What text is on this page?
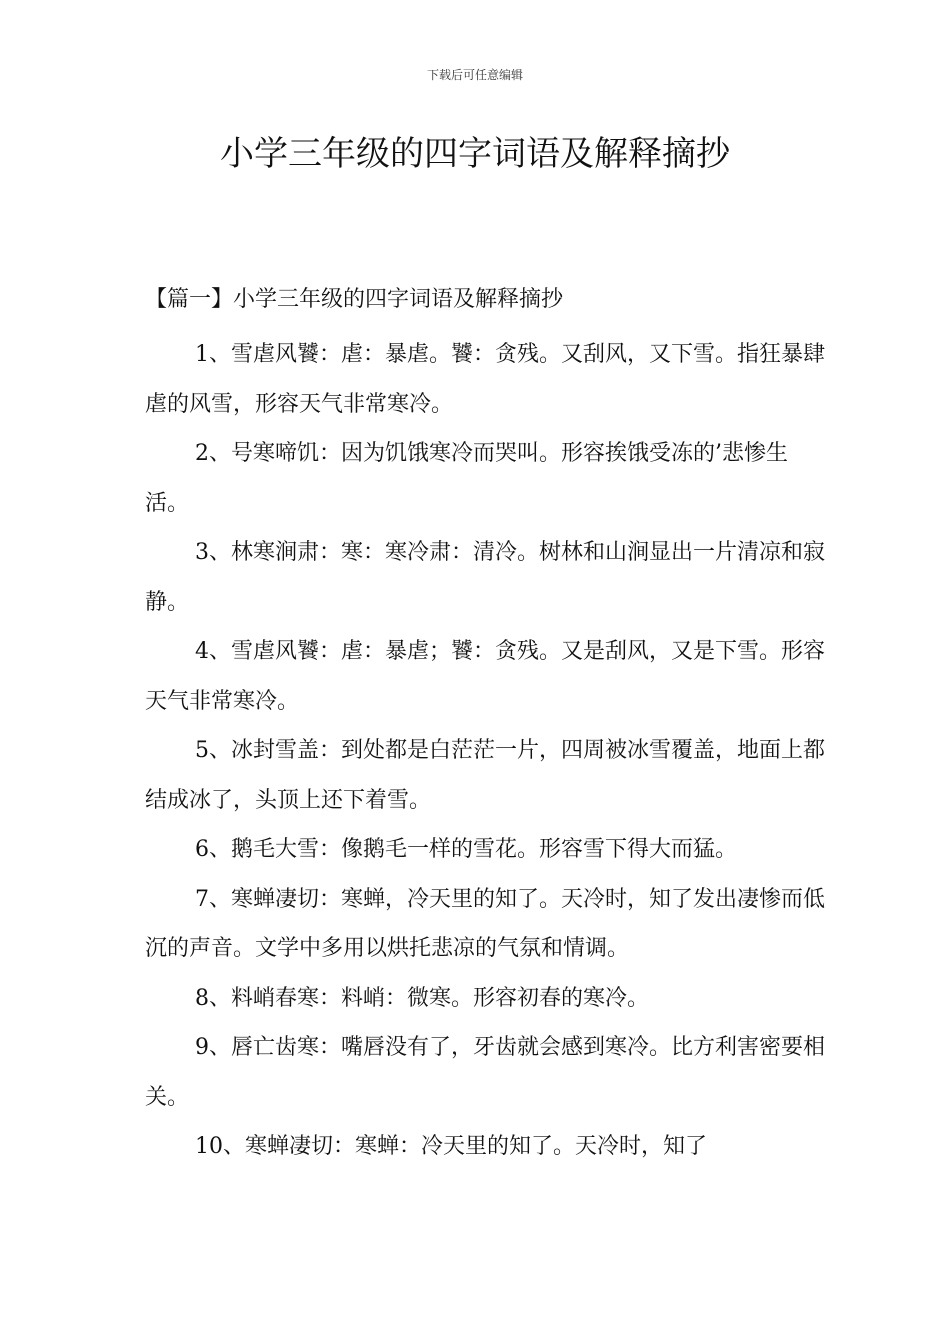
下载后可任意编辑
小学三年级的四字词语及解释摘抄

【篇一】小学三年级的四字词语及解释摘抄

1、雪虐风饕：虐：暴虐。饕：贪残。又刮风，又下雪。指狂暴肆虐的风雪，形容天气非常寒冷。

2、号寒啼饥：因为饥饿寒冷而哭叫。形容挨饿受冻的’悲惨生活。

3、林寒涧肃：寒：寒冷肃：清冷。树林和山涧显出一片清凉和寂静。

4、雪虐风饕：虐：暴虐；饕：贪残。又是刮风，又是下雪。形容天气非常寒冷。

5、冰封雪盖：到处都是白茫茫一片，四周被冰雪覆盖，地面上都结成冰了，头顶上还下着雪。

6、鹅毛大雪：像鹅毛一样的雪花。形容雪下得大而猛。

7、寒蝉凄切：寒蝉，冷天里的知了。天冷时，知了发出凄惨而低沉的声音。文学中多用以烘托悲凉的气氛和情调。

8、料峭春寒：料峭：微寒。形容初春的寒冷。

9、唇亡齿寒：嘴唇没有了，牙齿就会感到寒冷。比方利害密要相关。

10、寒蝉凄切：寒蝉：冷天里的知了。天冷时，知了
